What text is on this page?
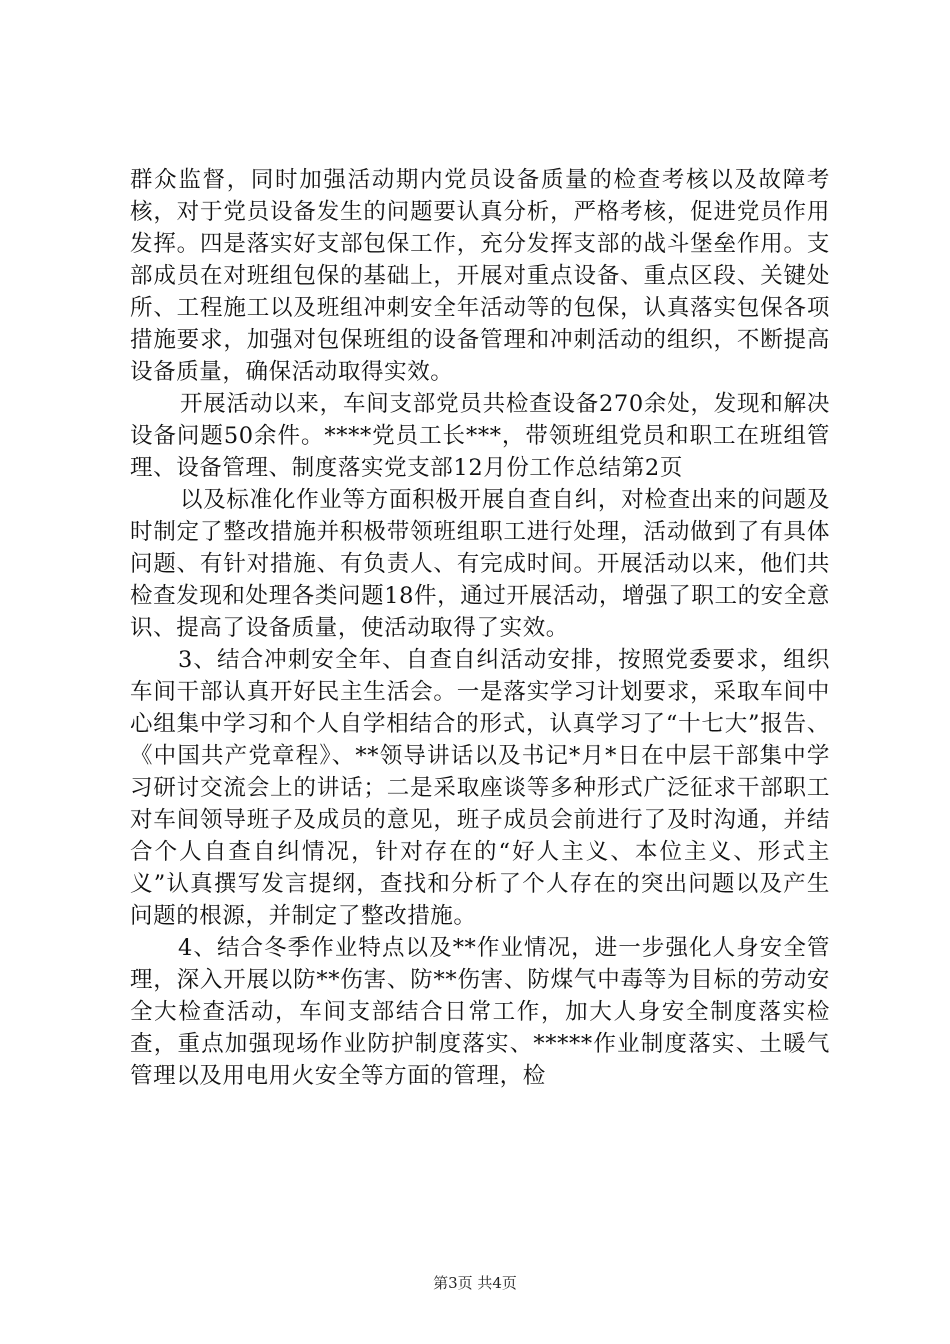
群众监督，同时加强活动期内党员设备质量的检查考核以及故障考核，对于党员设备发生的问题要认真分析，严格考核，促进党员作用发挥。四是落实好支部包保工作，充分发挥支部的战斗堡垒作用。支部成员在对班组包保的基础上，开展对重点设备、重点区段、关键处所、工程施工以及班组冲刺安全年活动等的包保，认真落实包保各项措施要求，加强对包保班组的设备管理和冲刺活动的组织，不断提高设备质量，确保活动取得实效。

开展活动以来，车间支部党员共检查设备270余处，发现和解决设备问题50余件。****党员工长***，带领班组党员和职工在班组管理、设备管理、制度落实党支部12月份工作总结第2页

以及标准化作业等方面积极开展自查自纠，对检查出来的问题及时制定了整改措施并积极带领班组职工进行处理，活动做到了有具体问题、有针对措施、有负责人、有完成时间。开展活动以来，他们共检查发现和处理各类问题18件，通过开展活动，增强了职工的安全意识、提高了设备质量，使活动取得了实效。

3、结合冲刺安全年、自查自纠活动安排，按照党委要求，组织车间干部认真开好民主生活会。一是落实学习计划要求，采取车间中心组集中学习和个人自学相结合的形式，认真学习了“十七大”报告、《中国共产党章程》、**领导讲话以及书记*月*日在中层干部集中学习研讨交流会上的讲话；二是采取座谈等多种形式广泛征求干部职工对车间领导班子及成员的意见，班子成员会前进行了及时沟通，并结合个人自查自纠情况，针对存在的“好人主义、本位主义、形式主义”认真撰写发言提纲，查找和分析了个人存在的突出问题以及产生问题的根源，并制定了整改措施。

4、结合冬季作业特点以及**作业情况，进一步强化人身安全管理，深入开展以防**伤害、防**伤害、防煤气中毒等为目标的劳动安全大检查活动，车间支部结合日常工作，加大人身安全制度落实检查，重点加强现场作业防护制度落实、*****作业制度落实、土暖气管理以及用电用火安全等方面的管理，检

第3页 共4页
